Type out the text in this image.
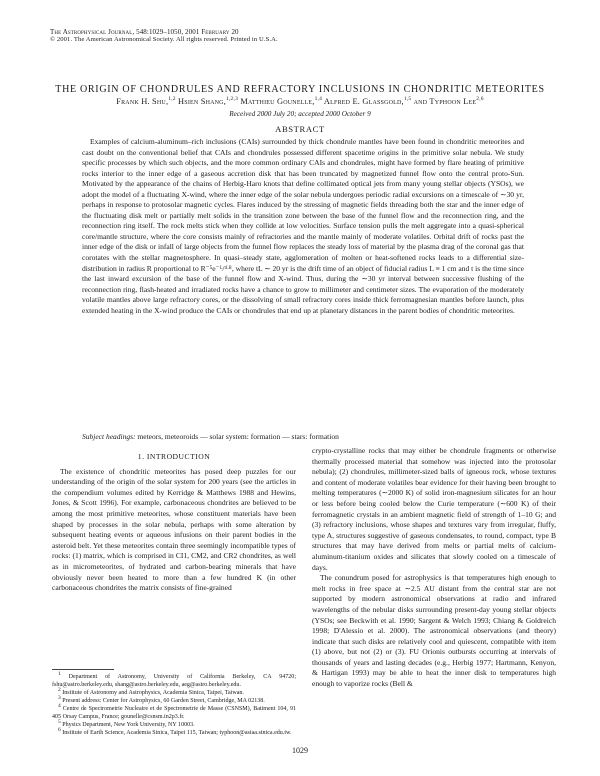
The Astrophysical Journal, 548:1029–1050, 2001 February 20
© 2001. The American Astronomical Society. All rights reserved. Printed in U.S.A.
THE ORIGIN OF CHONDRULES AND REFRACTORY INCLUSIONS IN CHONDRITIC METEORITES
Frank H. Shu,$^{1,2}$ Hsien Shang,$^{1,2,3}$ Matthieu Gounelle,$^{1,4}$ Alfred E. Glassgold,$^{1,5}$ and Typhoon Lee$^{2,6}$
Received 2000 July 20; accepted 2000 October 9
ABSTRACT

Examples of calcium-aluminum–rich inclusions (CAIs) surrounded by thick chondrule mantles have been found in chondritic meteorites and cast doubt on the conventional belief that CAIs and chondrules possessed different spacetime origins in the primitive solar nebula. We study specific processes by which such objects, and the more common ordinary CAIs and chondrules, might have formed by flare heating of primitive rocks interior to the inner edge of a gaseous accretion disk that has been truncated by magnetized funnel flow onto the central proto-Sun. Motivated by the appearance of the chains of Herbig-Haro knots that define collimated optical jets from many young stellar objects (YSOs), we adopt the model of a fluctuating X-wind, where the inner edge of the solar nebula undergoes periodic radial excursions on a timescale of ∼30 yr, perhaps in response to protosolar magnetic cycles. Flares induced by the stressing of magnetic fields threading both the star and the inner edge of the fluctuating disk melt or partially melt solids in the transition zone between the base of the funnel flow and the reconnection ring, and the reconnection ring itself. The rock melts stick when they collide at low velocities. Surface tension pulls the melt aggregate into a quasi-spherical core/mantle structure, where the core consists mainly of refractories and the mantle mainly of moderate volatiles. Orbital drift of rocks past the inner edge of the disk or infall of large objects from the funnel flow replaces the steady loss of material by the plasma drag of the coronal gas that corotates with the stellar magnetosphere. In quasi–steady state, agglomeration of molten or heat-softened rocks leads to a differential size-distribution in radius R proportional to R⁻⁵e⁻ᴸ/ᵗᴸᴿ, where tL ∼ 20 yr is the drift time of an object of fiducial radius L ≡ 1 cm and t is the time since the last inward excursion of the base of the funnel flow and X-wind. Thus, during the ∼30 yr interval between successive flushing of the reconnection ring, flash-heated and irradiated rocks have a chance to grow to millimeter and centimeter sizes. The evaporation of the moderately volatile mantles above large refractory cores, or the dissolving of small refractory cores inside thick ferromagnesian mantles before launch, plus extended heating in the X-wind produce the CAIs or chondrules that end up at planetary distances in the parent bodies of chondritic meteorites.

Subject headings: meteors, meteoroids — solar system: formation — stars: formation
1. INTRODUCTION

The existence of chondritic meteorites has posed deep puzzles for our understanding of the origin of the solar system for 200 years (see the articles in the compendium volumes edited by Kerridge & Matthews 1988 and Hewins, Jones, & Scott 1996). For example, carbonaceous chondrites are believed to be among the most primitive meteorites, whose constituent materials have been shaped by processes in the solar nebula, perhaps with some alteration by subsequent heating events or aqueous infusions on their parent bodies in the asteroid belt. Yet these meteorites contain three seemingly incompatible types of rocks: (1) matrix, which is comprised in CI1, CM2, and CR2 chondrites, as well as in micrometeorites, of hydrated and carbon-bearing minerals that have obviously never been heated to more than a few hundred K (in other carbonaceous chondrites the matrix consists of fine-grained

$^1$ Department of Astronomy, University of California Berkeley, CA 94720; fshu@astro.berkeley.edu, shang@astro.berkeley.edu, aeg@astro.berkeley.edu.

$^2$ Institute of Astronomy and Astrophysics, Academia Sinica, Taipei, Taiwan.

$^3$ Present address: Center for Astrophysics, 60 Garden Street, Cambridge, MA 02138.

$^4$ Centre de Spectrometrie Nucleaire et de Spectrometrie de Masse (CSNSM), Batiment 104, 91 405 Orsay Campus, France; gounelle@csnsm.in2p3.fr.

$^5$ Physics Department, New York University, NY 10003.

$^6$ Institute of Earth Science, Academia Sinica, Taipei 115, Taiwan; typhoon@asiaa.sinica.edu.tw.

crypto-crystalline rocks that may either be chondrule fragments or otherwise thermally processed material that somehow was injected into the protosolar nebula); (2) chondrules, millimeter-sized balls of igneous rock, whose textures and content of moderate volatiles bear evidence for their having been brought to melting temperatures (∼2000 K) of solid iron-magnesium silicates for an hour or less before being cooled below the Curie temperature (∼600 K) of their ferromagnetic crystals in an ambient magnetic field of strength of 1–10 G; and (3) refractory inclusions, whose shapes and textures vary from irregular, fluffy, type A, structures suggestive of gaseous condensates, to round, compact, type B structures that may have derived from melts or partial melts of calcium-aluminum-titanium oxides and silicates that slowly cooled on a timescale of days.

The conundrum posed for astrophysics is that temperatures high enough to melt rocks in free space at ∼2.5 AU distant from the central star are not supported by modern astronomical observations at radio and infrared wavelengths of the nebular disks surrounding present-day young stellar objects (YSOs; see Beckwith et al. 1990; Sargent & Welch 1993; Chiang & Goldreich 1998; D'Alessio et al. 2000). The astronomical observations (and theory) indicate that such disks are relatively cool and quiescent, compatible with item (1) above, but not (2) or (3). FU Orionis outbursts occurring at intervals of thousands of years and lasting decades (e.g., Herbig 1977; Hartmann, Kenyon, & Hartigan 1993) may be able to heat the inner disk to temperatures high enough to vaporize rocks (Bell &

1029
